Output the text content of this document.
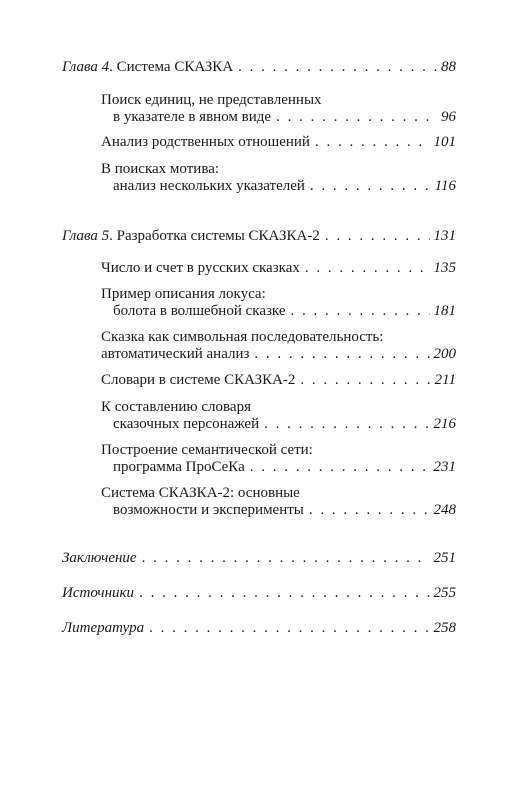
Глава 4. Система СКАЗКА . . .	88
Поиск единиц, не представленных
в указателе в явном виде . . .	96
Анализ родственных отношений . . .	101
В поисках мотива:
анализ нескольких указателей . . .	116
Глава 5. Разработка системы СКАЗКА-2 . . .	131
Число и счет в русских сказках . . .	135
Пример описания локуса:
болота в волшебной сказке . . .	181
Сказка как символьная последовательность:
автоматический анализ . . .	200
Словари в системе СКАЗКА-2 . . .	211
К составлению словаря
сказочных персонажей . . .	216
Построение семантической сети:
программа ПроСеКа . . .	231
Система СКАЗКА-2: основные
возможности и эксперименты . . .	248
Заключение . . .	251
Источники . . .	255
Литература . . .	258
